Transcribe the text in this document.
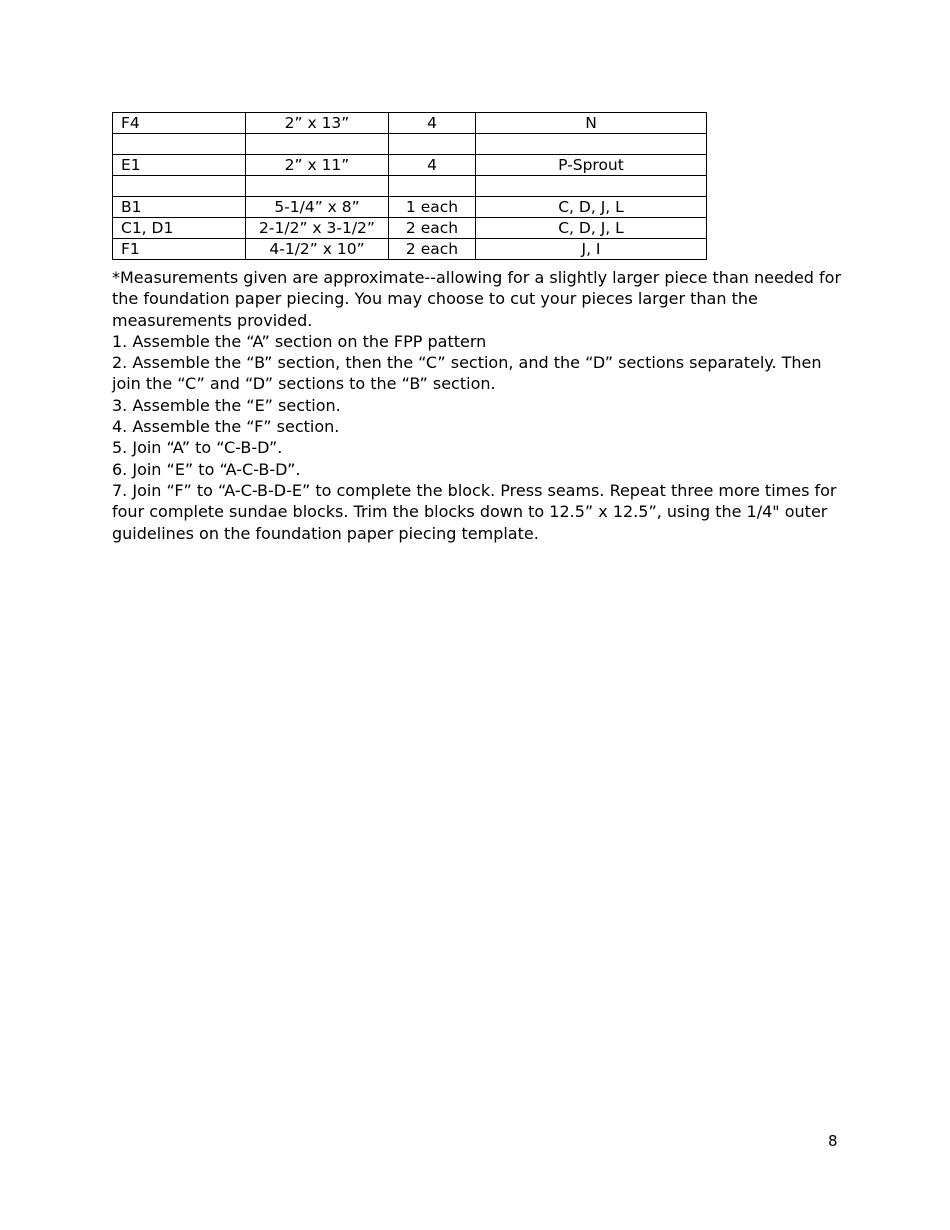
F4	2” x 13”	4	N

E1	2” x 11”	4	P-Sprout

B1	5-1/4” x 8”	1 each	C, D, J, L
C1, D1	2-1/2” x 3-1/2”	2 each	C, D, J, L
F1	4-1/2” x 10”	2 each	J, I

*Measurements given are approximate--allowing for a slightly larger piece than needed for the foundation paper piecing. You may choose to cut your pieces larger than the measurements provided.

1. Assemble the “A” section on the FPP pattern

2. Assemble the “B” section, then the “C” section, and the “D” sections separately. Then join the “C” and “D” sections to the “B” section.

3. Assemble the “E” section.

4. Assemble the “F” section.

5. Join “A” to “C-B-D”.

6. Join “E” to “A-C-B-D”.

7. Join “F” to “A-C-B-D-E” to complete the block. Press seams. Repeat three more times for four complete sundae blocks. Trim the blocks down to 12.5” x 12.5”, using the 1/4" outer guidelines on the foundation paper piecing template.

8
